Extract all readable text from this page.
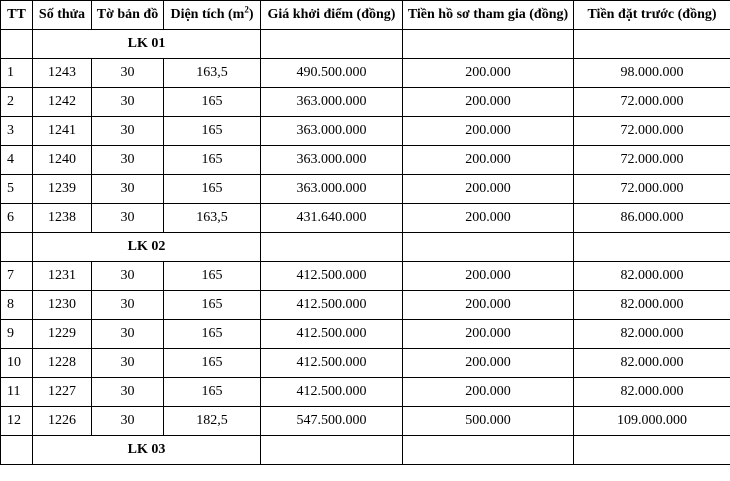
TT	Số thửa	Tờ bản đồ	Diện tích $(m^2)$	Giá khởi điểm (đồng)	Tiền hồ sơ tham gia (đồng)	Tiền đặt trước (đồng)
	LK 01					
1	1243	30	163,5	490.500.000	200.000	98.000.000
2	1242	30	165	363.000.000	200.000	72.000.000
3	1241	30	165	363.000.000	200.000	72.000.000
4	1240	30	165	363.000.000	200.000	72.000.000
5	1239	30	165	363.000.000	200.000	72.000.000
6	1238	30	163,5	431.640.000	200.000	86.000.000
	LK 02					
7	1231	30	165	412.500.000	200.000	82.000.000
8	1230	30	165	412.500.000	200.000	82.000.000
9	1229	30	165	412.500.000	200.000	82.000.000
10	1228	30	165	412.500.000	200.000	82.000.000
11	1227	30	165	412.500.000	200.000	82.000.000
12	1226	30	182,5	547.500.000	500.000	109.000.000
	LK 03					
